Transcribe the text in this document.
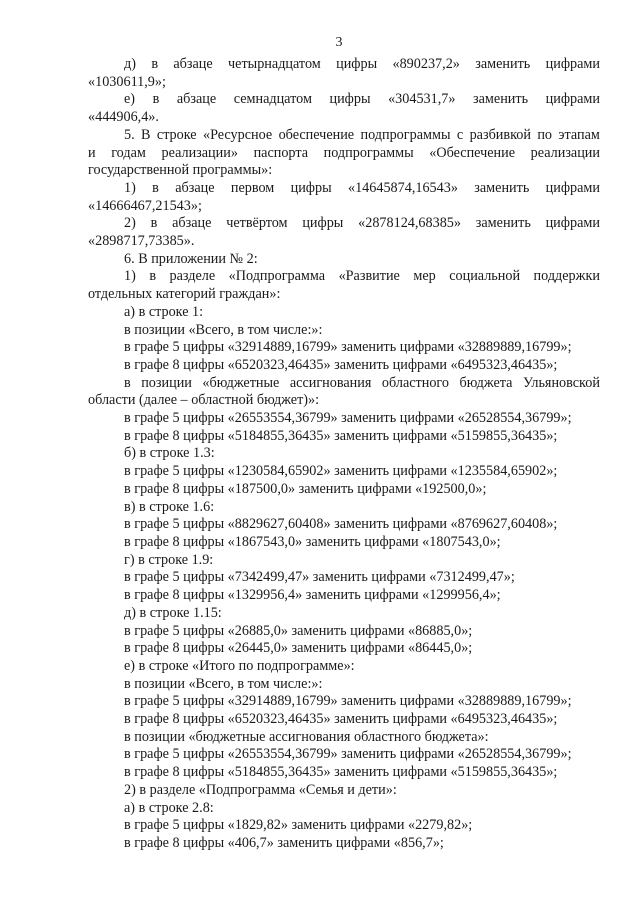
3
д) в абзаце четырнадцатом цифры «890237,2» заменить цифрами
«1030611,9»;
е) в абзаце семнадцатом цифры «304531,7» заменить цифрами
«444906,4».
5. В строке «Ресурсное обеспечение подпрограммы с разбивкой по этапам
и годам реализации» паспорта подпрограммы «Обеспечение реализации
государственной программы»:
1) в абзаце первом цифры «14645874,16543» заменить цифрами
«14666467,21543»;
2) в абзаце четвёртом цифры «2878124,68385» заменить цифрами
«2898717,73385».
6. В приложении № 2:
1) в разделе «Подпрограмма «Развитие мер социальной поддержки
отдельных категорий граждан»:
а) в строке 1:
в позиции «Всего, в том числе:»:
в графе 5 цифры «32914889,16799» заменить цифрами «32889889,16799»;
в графе 8 цифры «6520323,46435» заменить цифрами «6495323,46435»;
в позиции «бюджетные ассигнования областного бюджета Ульяновской
области (далее – областной бюджет)»:
в графе 5 цифры «26553554,36799» заменить цифрами «26528554,36799»;
в графе 8 цифры «5184855,36435» заменить цифрами «5159855,36435»;
б) в строке 1.3:
в графе 5 цифры «1230584,65902» заменить цифрами «1235584,65902»;
в графе 8 цифры «187500,0» заменить цифрами «192500,0»;
в) в строке 1.6:
в графе 5 цифры «8829627,60408» заменить цифрами «8769627,60408»;
в графе 8 цифры «1867543,0» заменить цифрами «1807543,0»;
г) в строке 1.9:
в графе 5 цифры «7342499,47» заменить цифрами «7312499,47»;
в графе 8 цифры «1329956,4» заменить цифрами «1299956,4»;
д) в строке 1.15:
в графе 5 цифры «26885,0» заменить цифрами «86885,0»;
в графе 8 цифры «26445,0» заменить цифрами «86445,0»;
е) в строке «Итого по подпрограмме»:
в позиции «Всего, в том числе:»:
в графе 5 цифры «32914889,16799» заменить цифрами «32889889,16799»;
в графе 8 цифры «6520323,46435» заменить цифрами «6495323,46435»;
в позиции «бюджетные ассигнования областного бюджета»:
в графе 5 цифры «26553554,36799» заменить цифрами «26528554,36799»;
в графе 8 цифры «5184855,36435» заменить цифрами «5159855,36435»;
2) в разделе «Подпрограмма «Семья и дети»:
а) в строке 2.8:
в графе 5 цифры «1829,82» заменить цифрами «2279,82»;
в графе 8 цифры «406,7» заменить цифрами «856,7»;
